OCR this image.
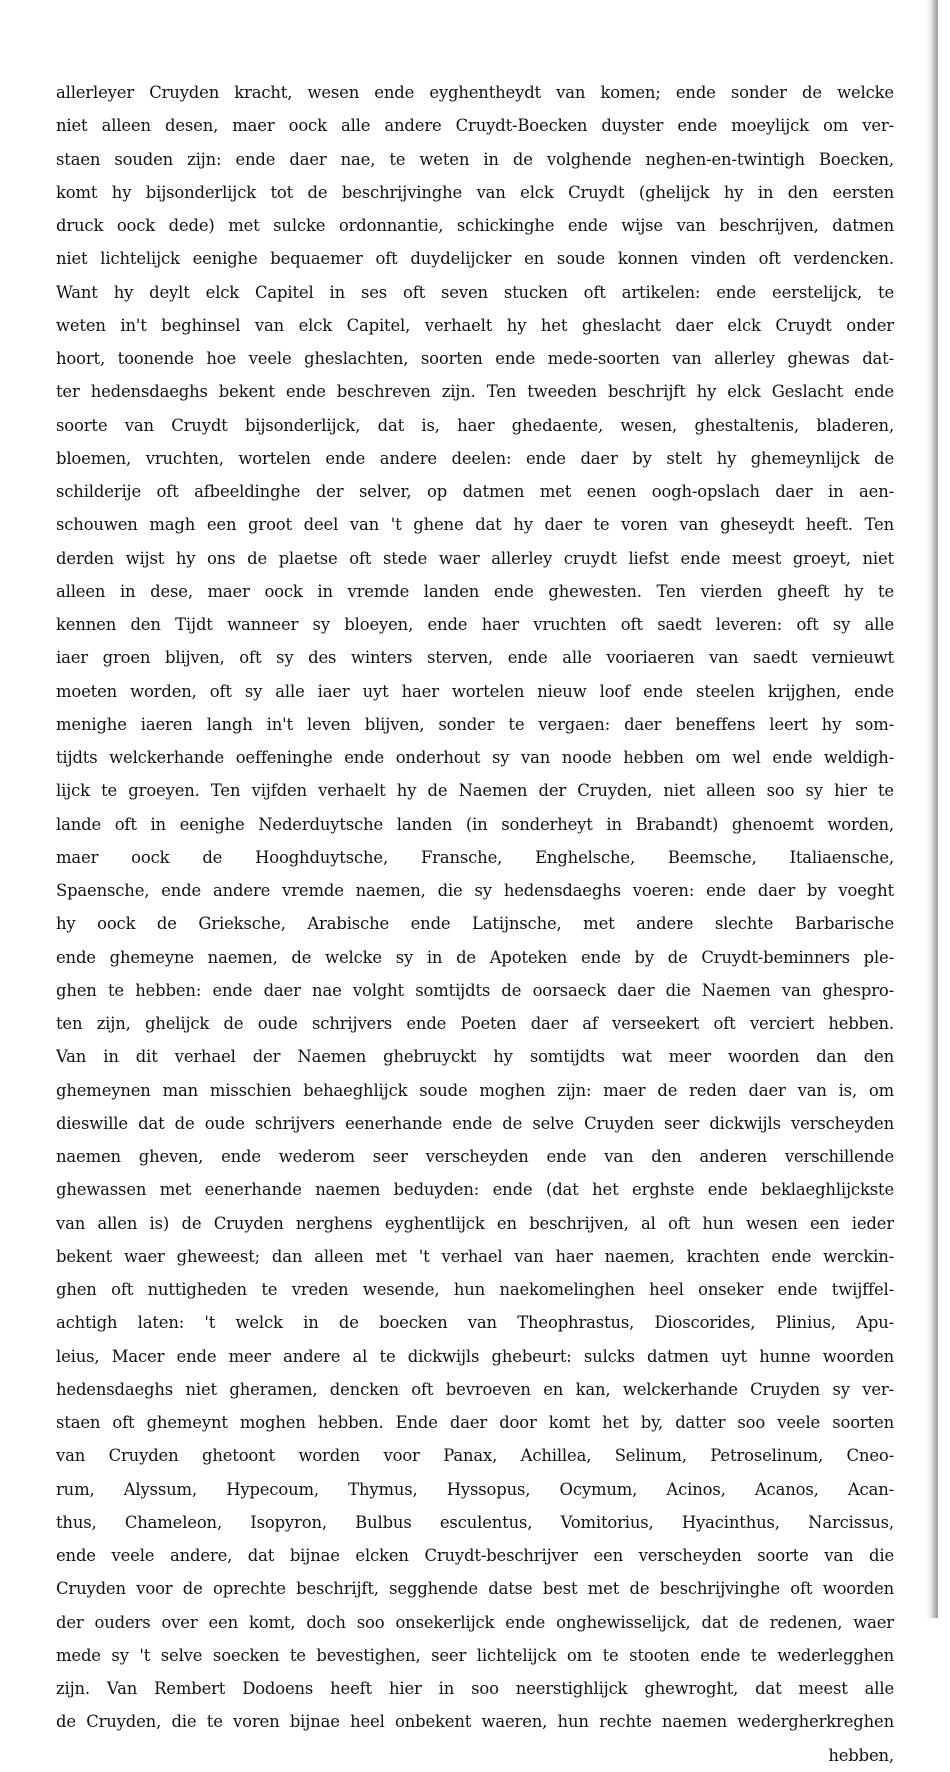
allerleyer Cruyden kracht, wesen ende eyghentheydt van komen; ende sonder de welcke
niet alleen desen, maer oock alle andere Cruydt-Boecken duyster ende moeylijck om ver-
staen souden zijn: ende daer nae, te weten in de volghende neghen-en-twintigh Boecken,
komt hy bijsonderlijck tot de beschrijvinghe van elck Cruydt (ghelijck hy in den eersten
druck oock dede) met sulcke ordonnantie, schickinghe ende wijse van beschrijven, datmen
niet lichtelijck eenighe bequaemer oft duydelijcker en soude konnen vinden oft verdencken.
Want hy deylt elck Capitel in ses oft seven stucken oft artikelen: ende eerstelijck, te
weten in't beghinsel van elck Capitel, verhaelt hy het gheslacht daer elck Cruydt onder
hoort, toonende hoe veele gheslachten, soorten ende mede-soorten van allerley ghewas dat-
ter hedensdaeghs bekent ende beschreven zijn. Ten tweeden beschrijft hy elck Geslacht ende
soorte van Cruydt bijsonderlijck, dat is, haer ghedaente, wesen, ghestaltenis, bladeren,
bloemen, vruchten, wortelen ende andere deelen: ende daer by stelt hy ghemeynlijck de
schilderije oft afbeeldinghe der selver, op datmen met eenen oogh-opslach daer in aen-
schouwen magh een groot deel van 't ghene dat hy daer te voren van gheseydt heeft. Ten
derden wijst hy ons de plaetse oft stede waer allerley cruydt liefst ende meest groeyt, niet
alleen in dese, maer oock in vremde landen ende ghewesten. Ten vierden gheeft hy te
kennen den Tijdt wanneer sy bloeyen, ende haer vruchten oft saedt leveren: oft sy alle
iaer groen blijven, oft sy des winters sterven, ende alle vooriaeren van saedt vernieuwt
moeten worden, oft sy alle iaer uyt haer wortelen nieuw loof ende steelen krijghen, ende
menighe iaeren langh in't leven blijven, sonder te vergaen: daer beneffens leert hy som-
tijdts welckerhande oeffeninghe ende onderhout sy van noode hebben om wel ende weldigh-
lijck te groeyen. Ten vijfden verhaelt hy de Naemen der Cruyden, niet alleen soo sy hier te
lande oft in eenighe Nederduytsche landen (in sonderheyt in Brabandt) ghenoemt worden,
maer oock de Hooghduytsche, Fransche, Enghelsche, Beemsche, Italiaensche,
Spaensche, ende andere vremde naemen, die sy hedensdaeghs voeren: ende daer by voeght
hy oock de Grieksche, Arabische ende Latijnsche, met andere slechte Barbarische
ende ghemeyne naemen, de welcke sy in de Apoteken ende by de Cruydt-beminners ple-
ghen te hebben: ende daer nae volght somtijdts de oorsaeck daer die Naemen van ghespro-
ten zijn, ghelijck de oude schrijvers ende Poeten daer af verseekert oft verciert hebben.
Van in dit verhael der Naemen ghebruyckt hy somtijdts wat meer woorden dan den
ghemeynen man misschien behaeghlijck soude moghen zijn: maer de reden daer van is, om
dieswille dat de oude schrijvers eenerhande ende de selve Cruyden seer dickwijls verscheyden
naemen gheven, ende wederom seer verscheyden ende van den anderen verschillende
ghewassen met eenerhande naemen beduyden: ende (dat het erghste ende beklaeghlijckste
van allen is) de Cruyden nerghens eyghentlijck en beschrijven, al oft hun wesen een ieder
bekent waer gheweest; dan alleen met 't verhael van haer naemen, krachten ende werckin-
ghen oft nuttigheden te vreden wesende, hun naekomelinghen heel onseker ende twijffel-
achtigh laten: 't welck in de boecken van Theophrastus, Dioscorides, Plinius, Apu-
leius, Macer ende meer andere al te dickwijls ghebeurt: sulcks datmen uyt hunne woorden
hedensdaeghs niet gheramen, dencken oft bevroeven en kan, welckerhande Cruyden sy ver-
staen oft ghemeynt moghen hebben. Ende daer door komt het by, datter soo veele soorten
van Cruyden ghetoont worden voor Panax, Achillea, Selinum, Petroselinum, Cneo-
rum, Alyssum, Hypecoum, Thymus, Hyssopus, Ocymum, Acinos, Acanos, Acan-
thus, Chameleon, Isopyron, Bulbus esculentus, Vomitorius, Hyacinthus, Narcissus,
ende veele andere, dat bijnae elcken Cruydt-beschrijver een verscheyden soorte van die
Cruyden voor de oprechte beschrijft, segghende datse best met de beschrijvinghe oft woorden
der ouders over een komt, doch soo onsekerlijck ende onghewisselijck, dat de redenen, waer
mede sy 't selve soecken te bevestighen, seer lichtelijck om te stooten ende te wederlegghen
zijn. Van Rembert Dodoens heeft hier in soo neerstighlijck ghewroght, dat meest alle
de Cruyden, die te voren bijnae heel onbekent waeren, hun rechte naemen wedergherkreghen
hebben,
